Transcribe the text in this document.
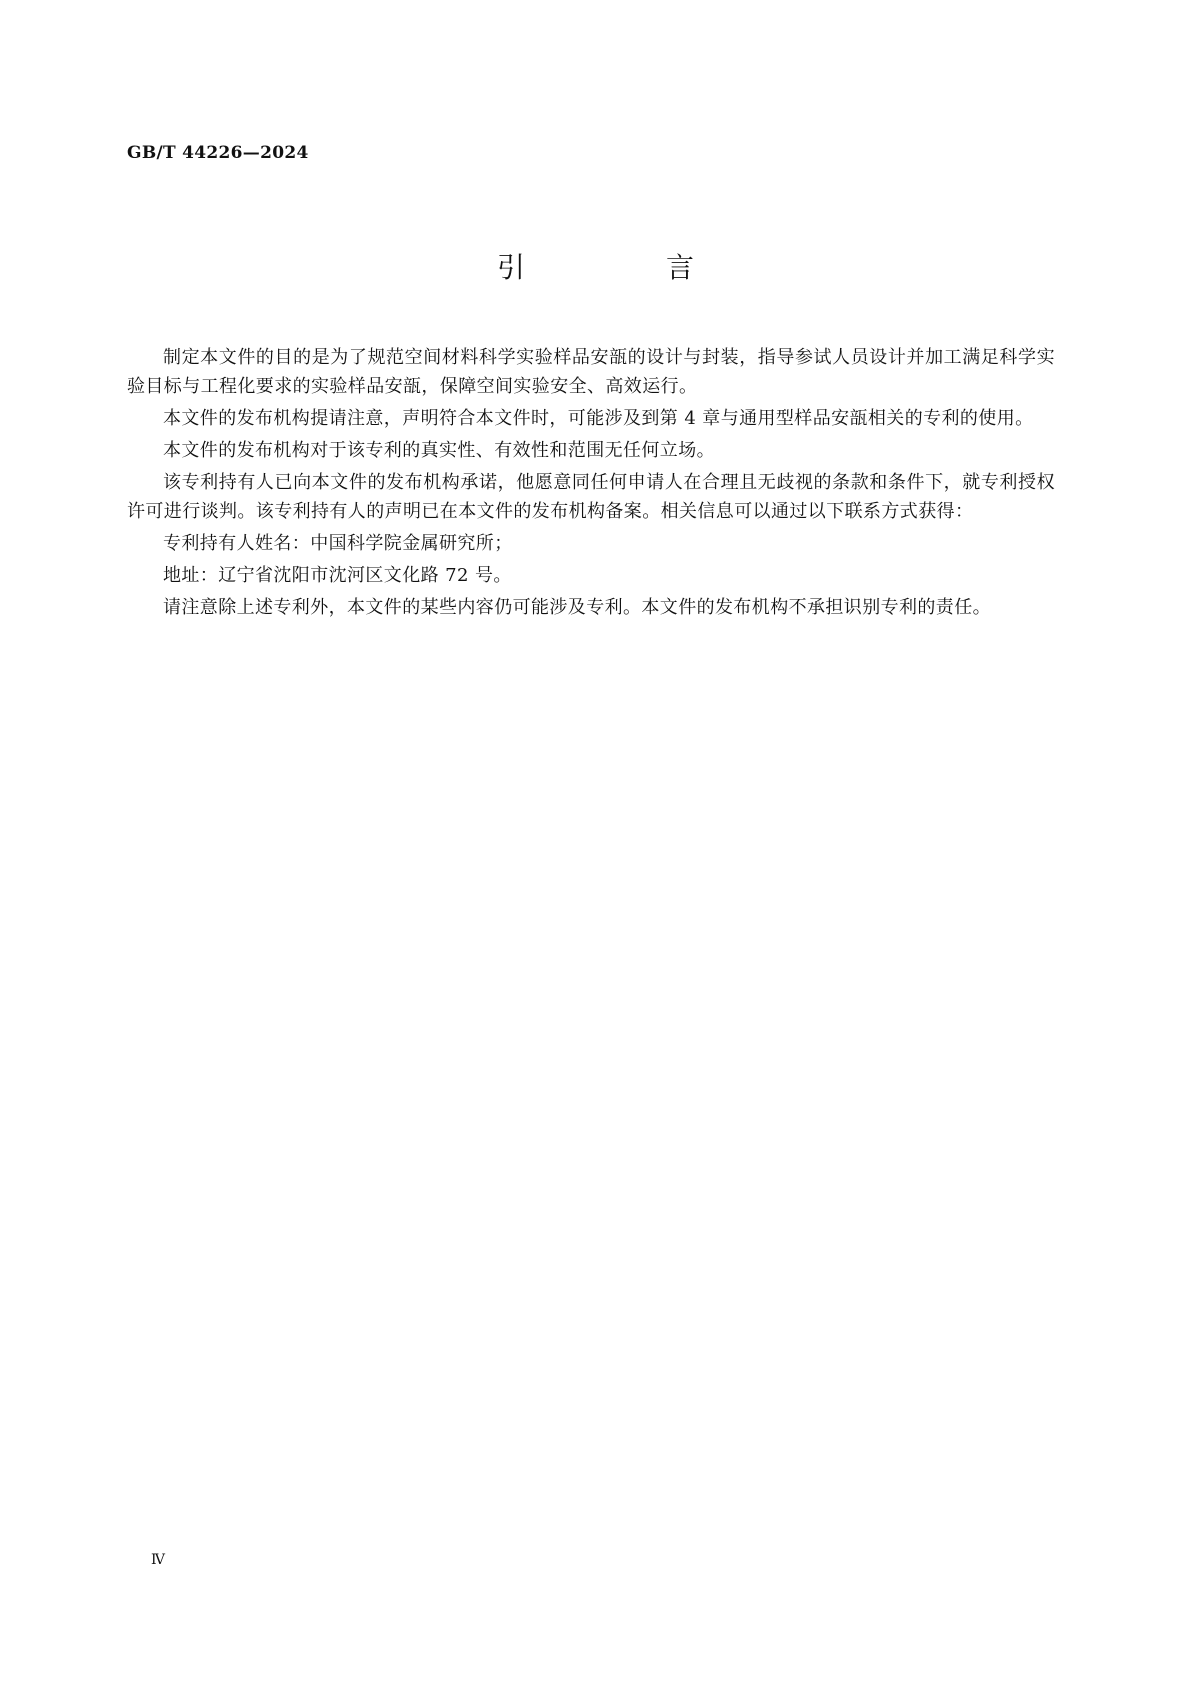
GB/T 44226—2024
引 言

制定本文件的目的是为了规范空间材料科学实验样品安瓿的设计与封装，指导参试人员设计并加工满足科学实验目标与工程化要求的实验样品安瓿，保障空间实验安全、高效运行。

本文件的发布机构提请注意，声明符合本文件时，可能涉及到第 4 章与通用型样品安瓿相关的专利的使用。

本文件的发布机构对于该专利的真实性、有效性和范围无任何立场。

该专利持有人已向本文件的发布机构承诺，他愿意同任何申请人在合理且无歧视的条款和条件下，就专利授权许可进行谈判。该专利持有人的声明已在本文件的发布机构备案。相关信息可以通过以下联系方式获得：

专利持有人姓名：中国科学院金属研究所；

地址：辽宁省沈阳市沈河区文化路 72 号。

请注意除上述专利外，本文件的某些内容仍可能涉及专利。本文件的发布机构不承担识别专利的责任。

Ⅳ
